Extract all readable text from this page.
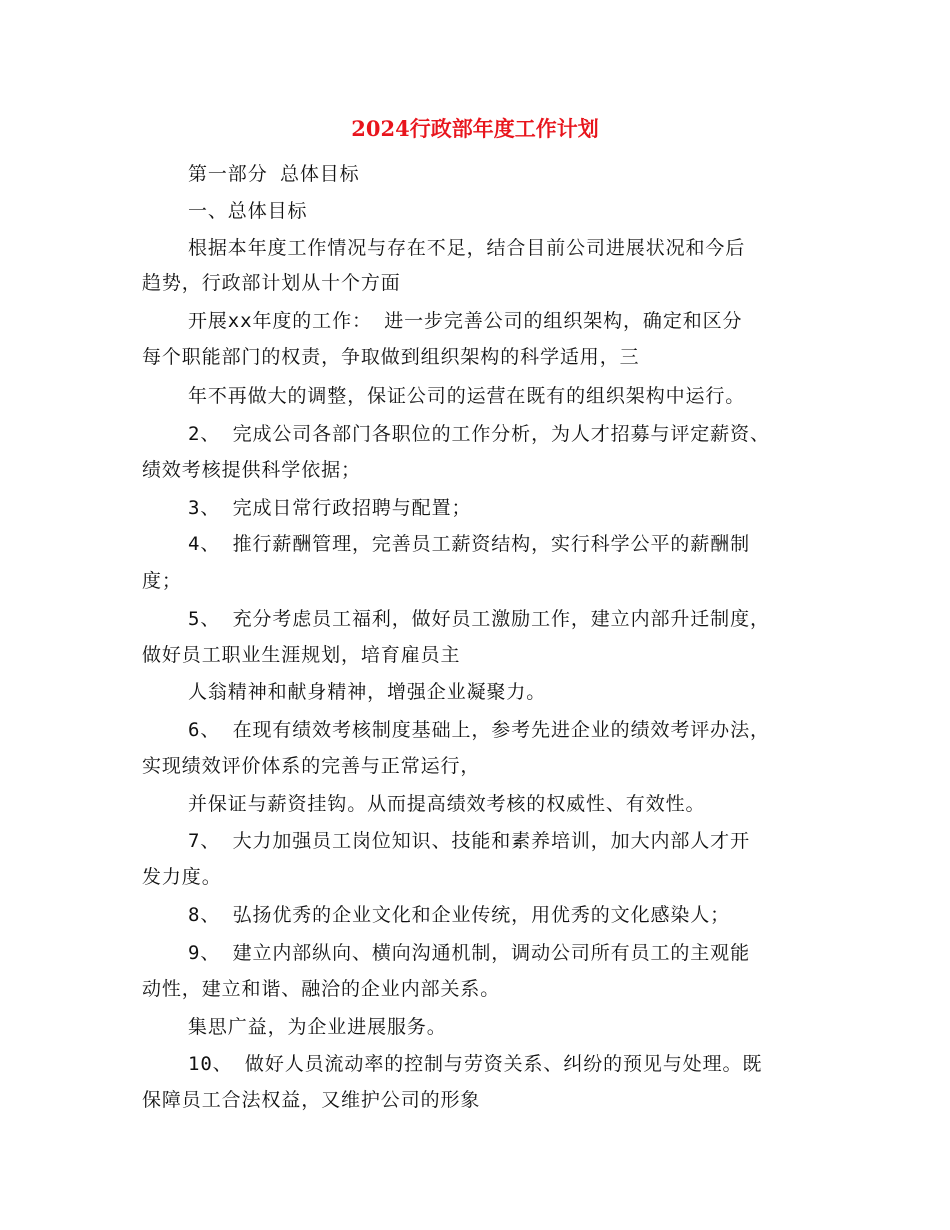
2024行政部年度工作计划
第一部分 总体目标
一、总体目标
根据本年度工作情况与存在不足，结合目前公司进展状况和今后
趋势，行政部计划从十个方面
开展xx年度的工作： 进一步完善公司的组织架构，确定和区分
每个职能部门的权责，争取做到组织架构的科学适用，三
年不再做大的调整，保证公司的运营在既有的组织架构中运行。
2、 完成公司各部门各职位的工作分析，为人才招募与评定薪资、
绩效考核提供科学依据；
3、 完成日常行政招聘与配置；
4、 推行薪酬管理，完善员工薪资结构，实行科学公平的薪酬制
度；
5、 充分考虑员工福利，做好员工激励工作，建立内部升迁制度，
做好员工职业生涯规划，培育雇员主
人翁精神和献身精神，增强企业凝聚力。
6、 在现有绩效考核制度基础上，参考先进企业的绩效考评办法，
实现绩效评价体系的完善与正常运行，
并保证与薪资挂钩。从而提高绩效考核的权威性、有效性。
7、 大力加强员工岗位知识、技能和素养培训，加大内部人才开
发力度。
8、 弘扬优秀的企业文化和企业传统，用优秀的文化感染人；
9、 建立内部纵向、横向沟通机制，调动公司所有员工的主观能
动性，建立和谐、融洽的企业内部关系。
集思广益，为企业进展服务。
10、 做好人员流动率的控制与劳资关系、纠纷的预见与处理。既
保障员工合法权益，又维护公司的形象
